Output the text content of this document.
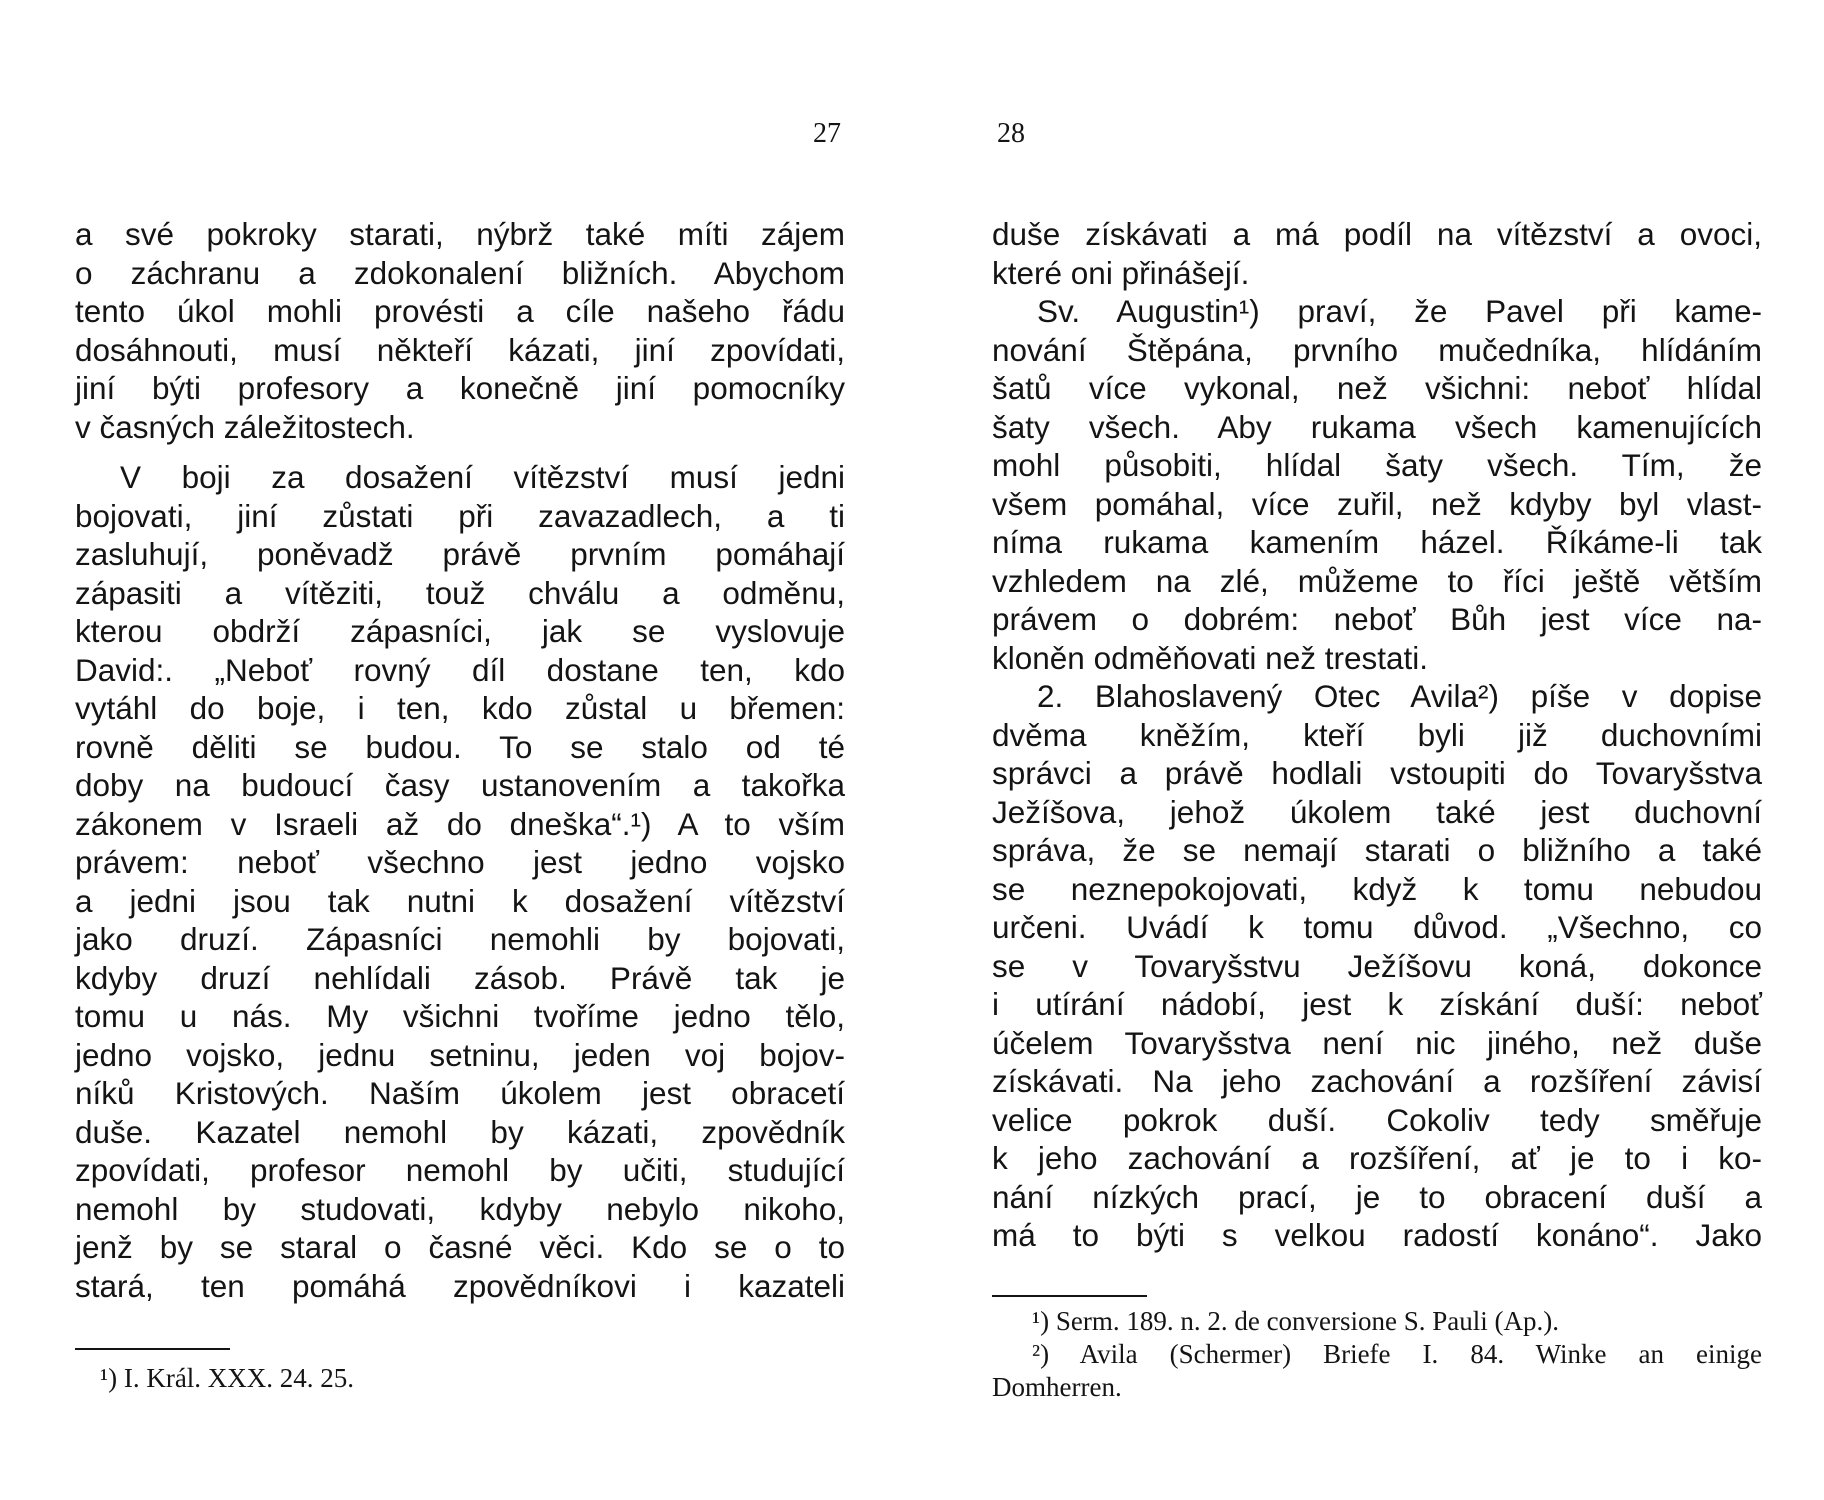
27
a své pokroky starati, nýbrž také míti zájem
o záchranu a zdokonalení bližních. Abychom
tento úkol mohli provésti a cíle našeho řádu
dosáhnouti, musí někteří kázati, jiní zpovídati,
jiní býti profesory a konečně jiní pomocníky
v časných záležitostech.
V boji za dosažení vítězství musí jedni
bojovati, jiní zůstati při zavazadlech, a ti
zasluhují, poněvadž právě prvním pomáhají
zápasiti a vítěziti, touž chválu a odměnu,
kterou obdrží zápasníci, jak se vyslovuje
David:. „Neboť rovný díl dostane ten, kdo
vytáhl do boje, i ten, kdo zůstal u břemen:
rovně děliti se budou. To se stalo od té
doby na budoucí časy ustanovením a takořka
zákonem v Israeli až do dneška“.¹) A to vším
právem: neboť všechno jest jedno vojsko
a jedni jsou tak nutni k dosažení vítězství
jako druzí. Zápasníci nemohli by bojovati,
kdyby druzí nehlídali zásob. Právě tak je
tomu u nás. My všichni tvoříme jedno tělo,
jedno vojsko, jednu setninu, jeden voj bojov-
níků Kristových. Naším úkolem jest obracetí
duše. Kazatel nemohl by kázati, zpovědník
zpovídati, profesor nemohl by učiti, studující
nemohl by studovati, kdyby nebylo nikoho,
jenž by se staral o časné věci. Kdo se o to
stará, ten pomáhá zpovědníkovi i kazateli
¹) I. Král. XXX. 24. 25.
28
duše získávati a má podíl na vítězství a ovoci,
které oni přinášejí.
Sv. Augustin¹) praví, že Pavel při kame-
nování Štěpána, prvního mučedníka, hlídáním
šatů více vykonal, než všichni: neboť hlídal
šaty všech. Aby rukama všech kamenujících
mohl působiti, hlídal šaty všech. Tím, že
všem pomáhal, více zuřil, než kdyby byl vlast-
níma rukama kamením házel. Říkáme-li tak
vzhledem na zlé, můžeme to říci ještě větším
právem o dobrém: neboť Bůh jest více na-
kloněn odměňovati než trestati.
2. Blahoslavený Otec Avila²) píše v dopise
dvěma kněžím, kteří byli již duchovními
správci a právě hodlali vstoupiti do Tovaryšstva
Ježíšova, jehož úkolem také jest duchovní
správa, že se nemají starati o bližního a také
se neznepokojovati, když k tomu nebudou
určeni. Uvádí k tomu důvod. „Všechno, co
se v Tovaryšstvu Ježíšovu koná, dokonce
i utírání nádobí, jest k získání duší: neboť
účelem Tovaryšstva není nic jiného, než duše
získávati. Na jeho zachování a rozšíření závisí
velice pokrok duší. Cokoliv tedy směřuje
k jeho zachování a rozšíření, ať je to i ko-
nání nízkých prací, je to obracení duší a
má to býti s velkou radostí konáno“. Jako
¹) Serm. 189. n. 2. de conversione S. Pauli (Ap.).
²) Avila (Schermer) Briefe I. 84. Winke an einige
Domherren.
